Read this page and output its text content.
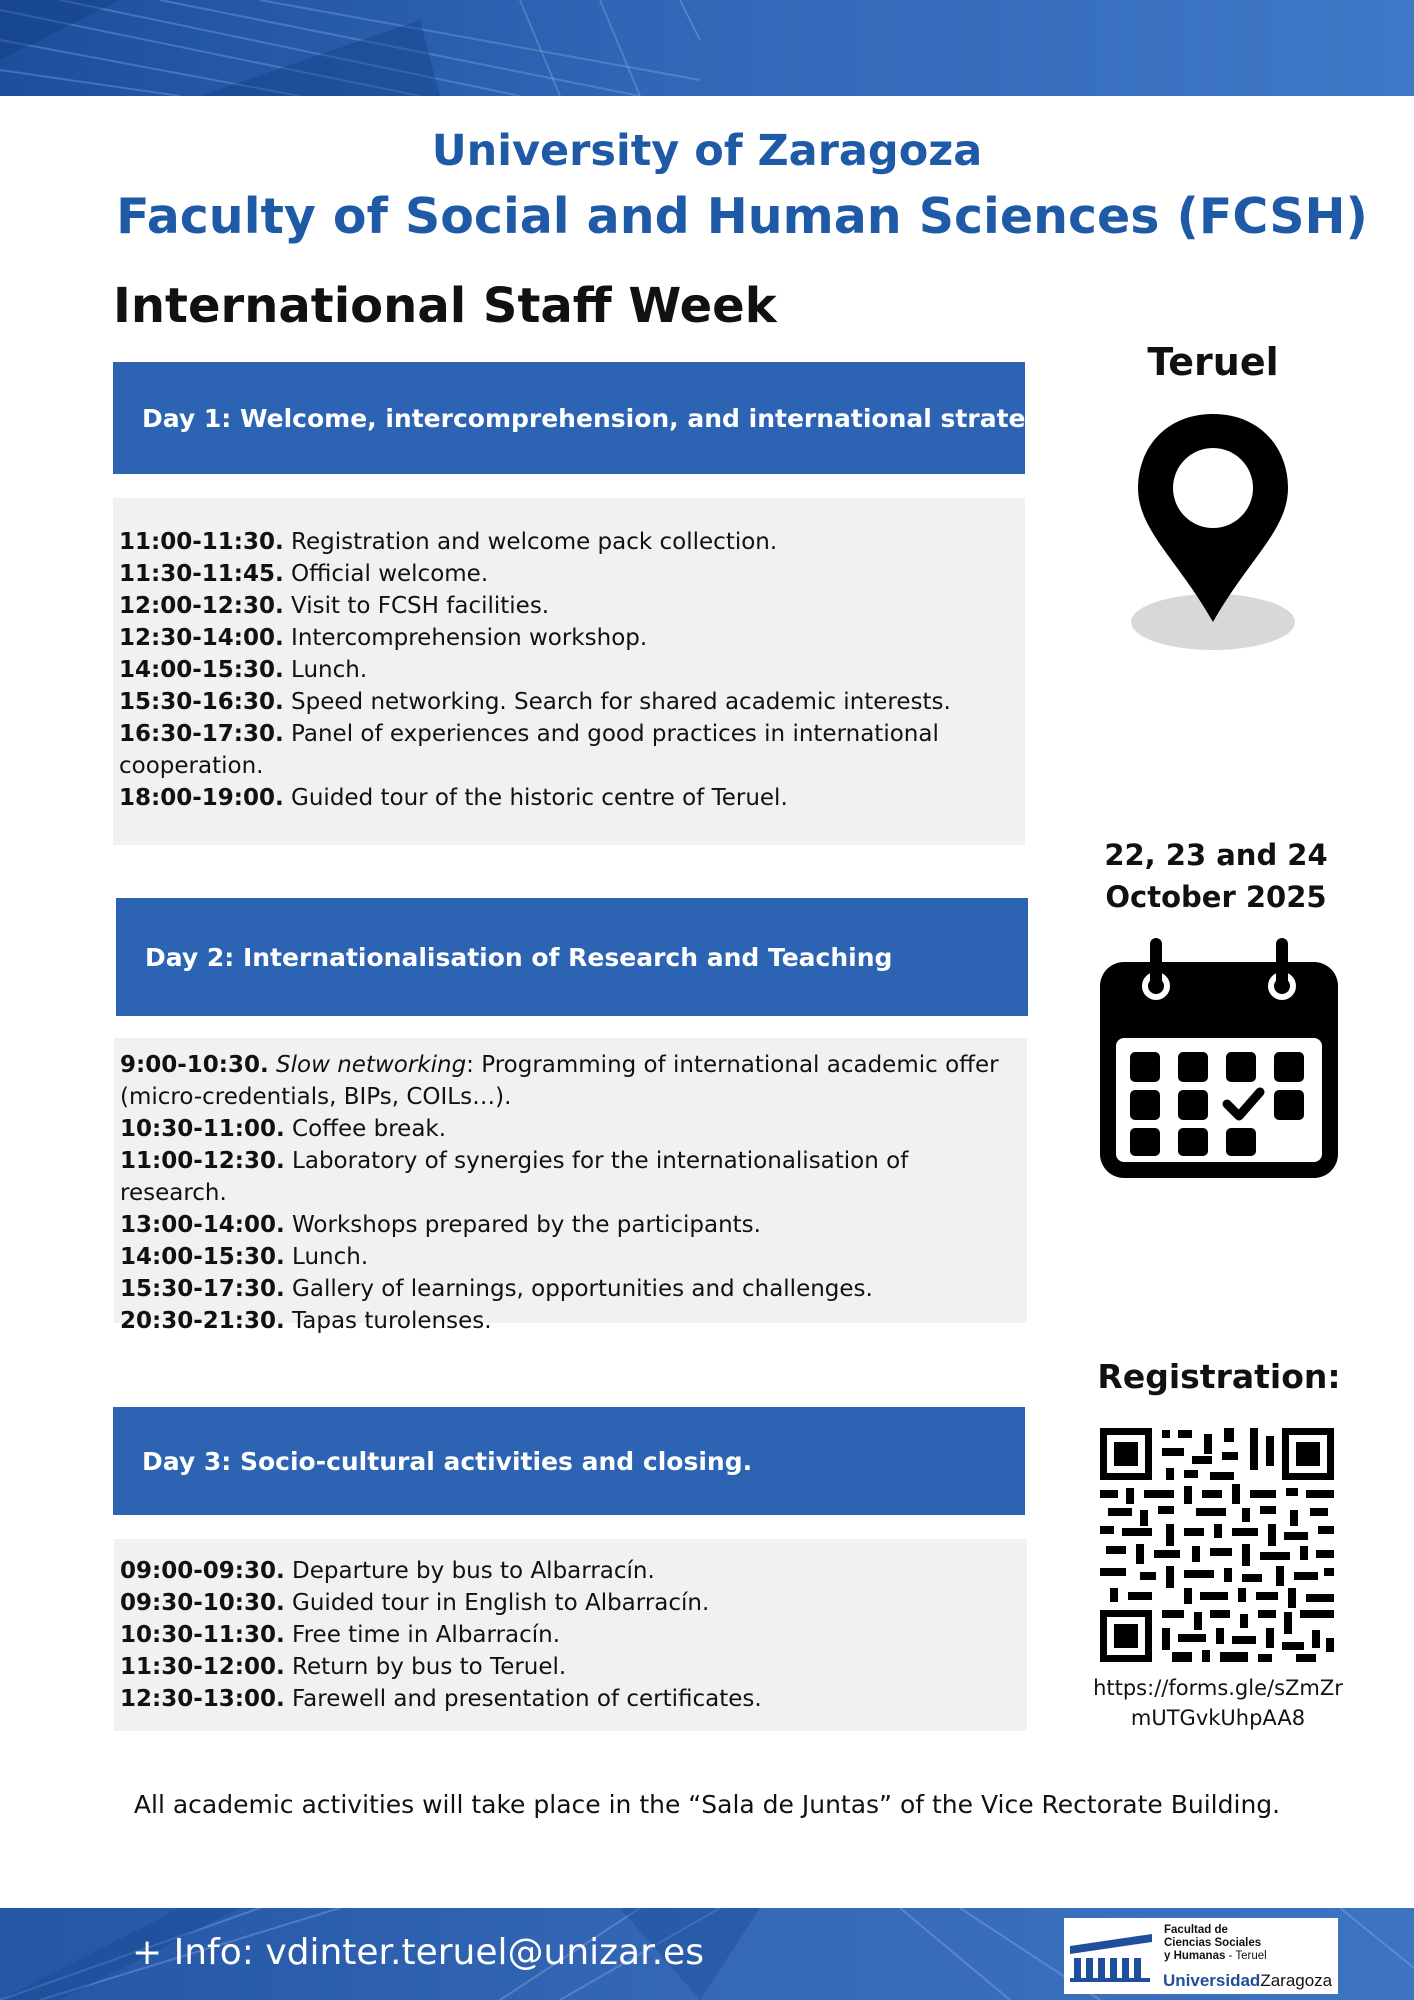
University of Zaragoza
Faculty of Social and Human Sciences (FCSH)
International Staff Week
Day 1: Welcome, intercomprehension, and international strategy
11:00-11:30. Registration and welcome pack collection.
11:30-11:45. Official welcome.
12:00-12:30. Visit to FCSH facilities.
12:30-14:00. Intercomprehension workshop.
14:00-15:30. Lunch.
15:30-16:30. Speed networking. Search for shared academic interests.
16:30-17:30. Panel of experiences and good practices in international cooperation.
18:00-19:00. Guided tour of the historic centre of Teruel.
Day 2: Internationalisation of Research and Teaching
9:00-10:30. Slow networking: Programming of international academic offer (micro-credentials, BIPs, COILs…).
10:30-11:00. Coffee break.
11:00-12:30. Laboratory of synergies for the internationalisation of research.
13:00-14:00. Workshops prepared by the participants.
14:00-15:30. Lunch.
15:30-17:30. Gallery of learnings, opportunities and challenges.
20:30-21:30. Tapas turolenses.
Day 3: Socio-cultural activities and closing.
09:00-09:30. Departure by bus to Albarracín.
09:30-10:30. Guided tour in English to Albarracín.
10:30-11:30. Free time in Albarracín.
11:30-12:00. Return by bus to Teruel.
12:30-13:00. Farewell and presentation of certificates.
Teruel
22, 23 and 24
October 2025
Registration:
https://forms.gle/sZmZrmUTGvkUhpAA8
All academic activities will take place in the “Sala de Juntas” of the Vice Rectorate Building.
+ Info: vdinter.teruel@unizar.es
Facultad de
Ciencias Sociales
y Humanas - Teruel
UniversidadZaragoza
